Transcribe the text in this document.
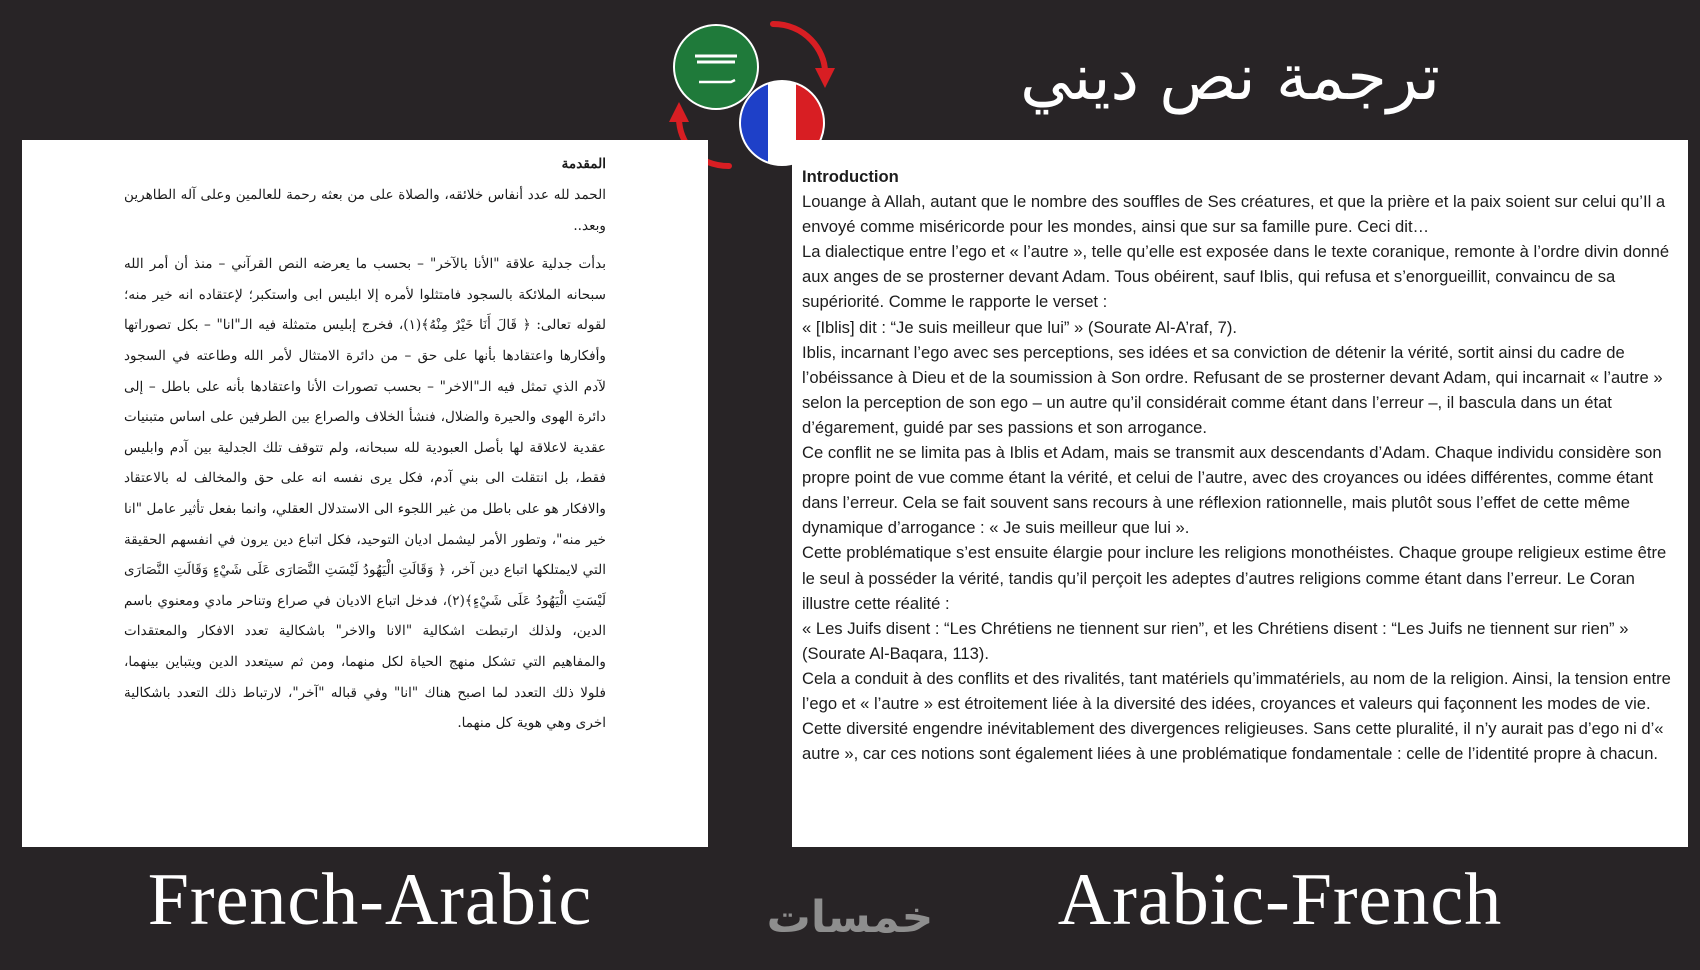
ترجمة نص ديني
المقدمة

الحمد لله عدد أنفاس خلائقه، والصلاة على من بعثه رحمة للعالمين وعلى آله الطاهرين وبعد..

بدأت جدلية علاقة "الأنا بالآخر" – بحسب ما يعرضه النص القرآني – منذ أن أمر الله سبحانه الملائكة بالسجود فامتثلوا لأمره إلا ابليس ابى واستكبر؛ لإعتقاده انه خير منه؛ لقوله تعالى: ﴿ قَالَ أَنَا خَيْرٌ مِنْهُ﴾(١)، فخرج إبليس متمثلة فيه الـ"انا" – بكل تصوراتها وأفكارها واعتقادها بأنها على حق – من دائرة الامتثال لأمر الله وطاعته في السجود لآدم الذي تمثل فيه الـ"الاخر" – بحسب تصورات الأنا واعتقادها بأنه على باطل – إلى دائرة الهوى والحيرة والضلال، فنشأ الخلاف والصراع بين الطرفين على اساس متبنيات عقدية لاعلاقة لها بأصل العبودية لله سبحانه، ولم تتوقف تلك الجدلية بين آدم وابليس فقط، بل انتقلت الى بني آدم، فكل يرى نفسه انه على حق والمخالف له بالاعتقاد والافكار هو على باطل من غير اللجوء الى الاستدلال العقلي، وانما بفعل تأثير عامل "انا خير منه"، وتطور الأمر ليشمل اديان التوحيد، فكل اتباع دين يرون في انفسهم الحقيقة التي لايمتلكها اتباع دين آخر، ﴿ وَقَالَتِ الْيَهُودُ لَيْسَتِ النَّصَارَى عَلَى شَيْءٍ وَقَالَتِ النَّصَارَى لَيْسَتِ الْيَهُودُ عَلَى شَيْءٍ﴾(٢)، فدخل اتباع الاديان في صراع وتناحر مادي ومعنوي باسم الدين، ولذلك ارتبطت اشكالية "الانا والاخر" باشكالية تعدد الافكار والمعتقدات والمفاهيم التي تشكل منهج الحياة لكل منهما، ومن ثم سيتعدد الدين ويتباين بينهما، فلولا ذلك التعدد لما اصبح هناك "انا" وفي قباله "آخر"، لارتباط ذلك التعدد باشكالية اخرى وهي هوية كل منهما.

Introduction

Louange à Allah, autant que le nombre des souffles de Ses créatures, et que la prière et la paix soient sur celui qu’Il a envoyé comme miséricorde pour les mondes, ainsi que sur sa famille pure. Ceci dit…

La dialectique entre l’ego et « l’autre », telle qu’elle est exposée dans le texte coranique, remonte à l’ordre divin donné aux anges de se prosterner devant Adam. Tous obéirent, sauf Iblis, qui refusa et s’enorgueillit, convaincu de sa supériorité. Comme le rapporte le verset :

« [Iblis] dit : “Je suis meilleur que lui” » (Sourate Al-A’raf, 7).

Iblis, incarnant l’ego avec ses perceptions, ses idées et sa conviction de détenir la vérité, sortit ainsi du cadre de l’obéissance à Dieu et de la soumission à Son ordre. Refusant de se prosterner devant Adam, qui incarnait « l’autre » selon la perception de son ego – un autre qu’il considérait comme étant dans l’erreur –, il bascula dans un état d’égarement, guidé par ses passions et son arrogance.

Ce conflit ne se limita pas à Iblis et Adam, mais se transmit aux descendants d’Adam. Chaque individu considère son propre point de vue comme étant la vérité, et celui de l’autre, avec des croyances ou idées différentes, comme étant dans l’erreur. Cela se fait souvent sans recours à une réflexion rationnelle, mais plutôt sous l’effet de cette même dynamique d’arrogance : « Je suis meilleur que lui ».

Cette problématique s’est ensuite élargie pour inclure les religions monothéistes. Chaque groupe religieux estime être le seul à posséder la vérité, tandis qu’il perçoit les adeptes d’autres religions comme étant dans l’erreur. Le Coran illustre cette réalité :

« Les Juifs disent : “Les Chrétiens ne tiennent sur rien”, et les Chrétiens disent : “Les Juifs ne tiennent sur rien” » (Sourate Al-Baqara, 113).

Cela a conduit à des conflits et des rivalités, tant matériels qu’immatériels, au nom de la religion. Ainsi, la tension entre l’ego et « l’autre » est étroitement liée à la diversité des idées, croyances et valeurs qui façonnent les modes de vie. Cette diversité engendre inévitablement des divergences religieuses. Sans cette pluralité, il n’y aurait pas d’ego ni d’« autre », car ces notions sont également liées à une problématique fondamentale : celle de l’identité propre à chacun.

French-Arabic	Arabic-French
خمسات
